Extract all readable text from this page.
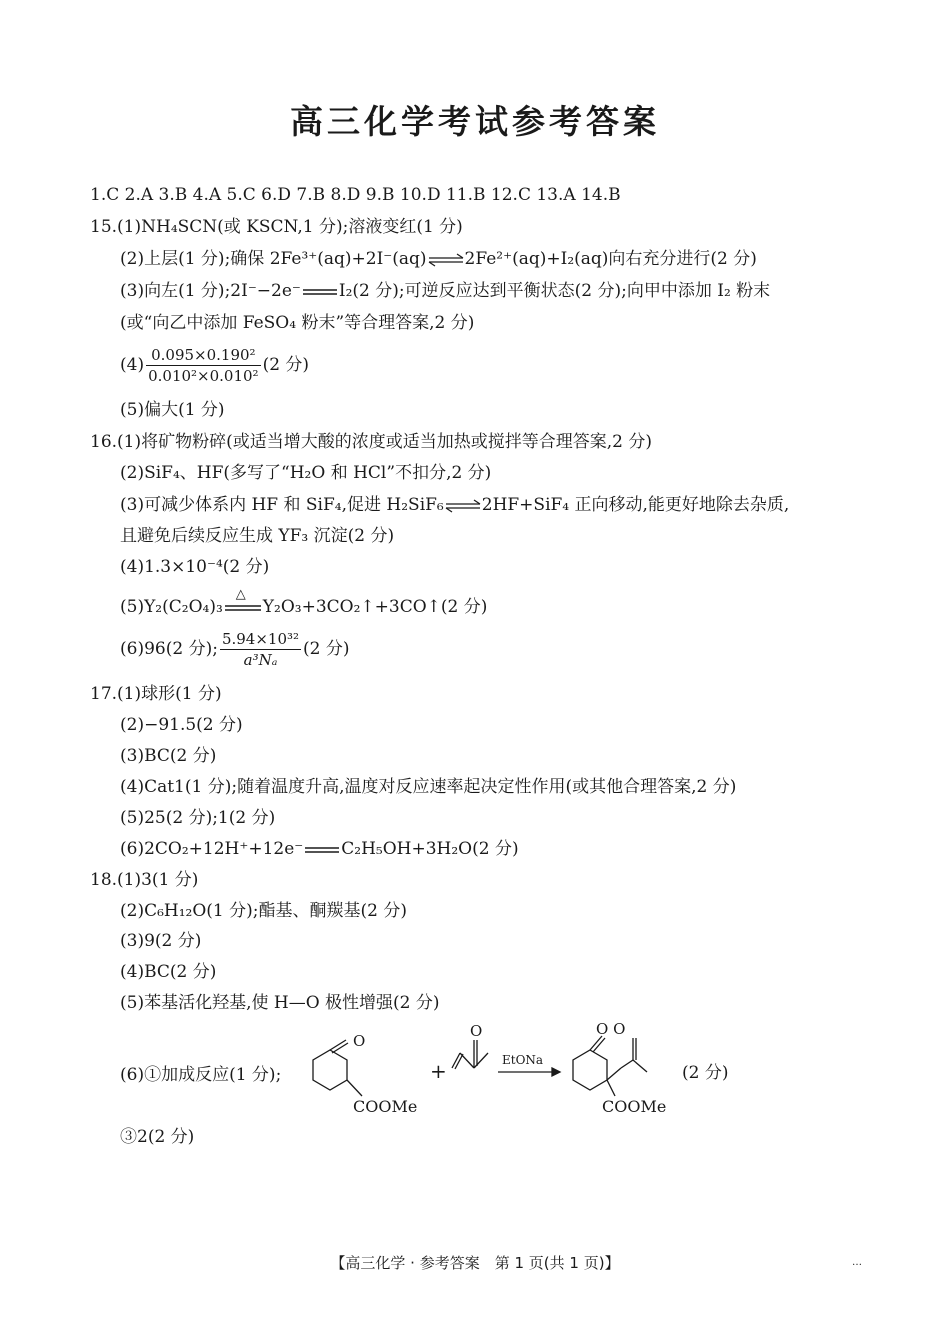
高三化学考试参考答案
1.C 2.A 3.B 4.A 5.C 6.D 7.B 8.D 9.B 10.D 11.B 12.C 13.A 14.B
15.(1)NH₄SCN(或 KSCN,1 分);溶液变红(1 分)
(2)上层(1 分);确保 2Fe³⁺(aq)+2I⁻(aq)⇌2Fe²⁺(aq)+I₂(aq)向右充分进行(2 分)
(3)向左(1 分);2I⁻−2e⁻ I₂(2 分);可逆反应达到平衡状态(2 分);向甲中添加 I₂ 粉末
(或“向乙中添加 FeSO₄ 粉末”等合理答案,2 分)
$(4) \frac{\text{0.095×0.190²}}{\text{0.010²×0.010²}} (2$ 分)
(5)偏大(1 分)
16.(1)将矿物粉碎(或适当增大酸的浓度或适当加热或搅拌等合理答案,2 分)
(2)SiF₄、HF(多写了“H₂O 和 HCl”不扣分,2 分)
(3)可减少体系内 HF 和 SiF₄,促进 H₂SiF₆⇌2HF+SiF₄ 正向移动,能更好地除去杂质,
且避免后续反应生成 YF₃ 沉淀(2 分)
(4)1.3×10⁻⁴(2 分)
(5)Y₂(C₂O₄)₃
△
Y₂O₃+3CO₂↑+3CO↑(2 分)
(6)96(2 分); $\frac{\text{5.94×10³²}}{\text{a³Nₐ}} (2$ 分)
17.(1)球形(1 分)
(2)−91.5(2 分)
(3)BC(2 分)
(4)Cat1(1 分);随着温度升高,温度对反应速率起决定性作用(或其他合理答案,2 分)
(5)25(2 分);1(2 分)
(6)2CO₂+12H⁺+12e⁻ C₂H₅OH+3H₂O(2 分)
18.(1)3(1 分)
(2)C₆H₁₂O(1 分);酯基、酮羰基(2 分)
(3)9(2 分)
(4)BC(2 分)
(5)苯基活化羟基,使 H—O 极性增强(2 分)
(6)①加成反应(1 分);
O
COOMe
+
O
EtONa
O O
COOMe
(2 分)
③2(2 分)
【高三化学 · 参考答案　第 1 页(共 1 页)】	…
